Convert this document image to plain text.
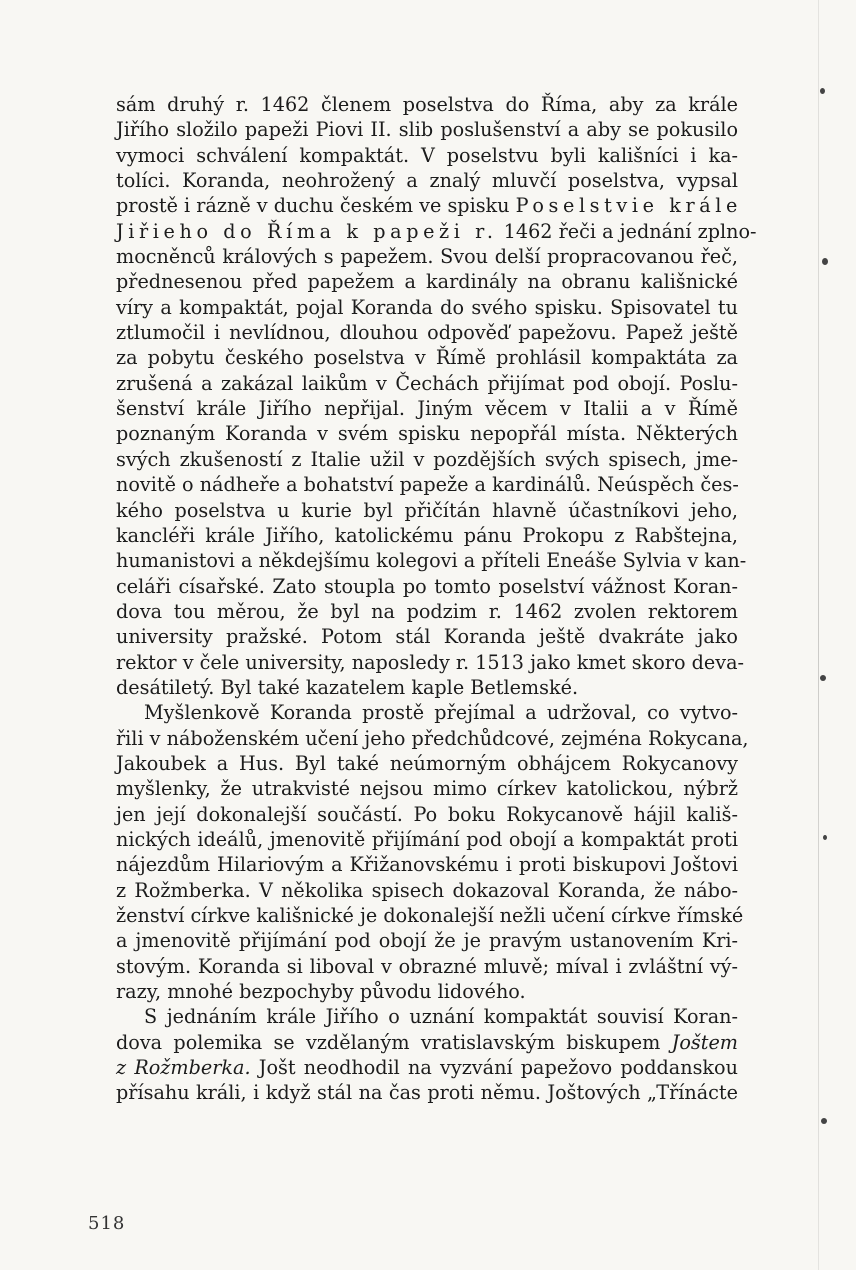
sám druhý r. 1462 členem poselstva do Říma, aby za krále
Jiřího složilo papeži Piovi II. slib poslušenství a aby se pokusilo
vymoci schválení kompaktát. V poselstvu byli kališníci i ka-
tolíci. Koranda, neohrožený a znalý mluvčí poselstva, vypsal
prostě i rázně v duchu českém ve spisku Poselstvie krále
Jiřieho do Říma k papeži r. 1462 řeči a jednání zplno-
mocněnců králových s papežem. Svou delší propracovanou řeč,
přednesenou před papežem a kardinály na obranu kališnické
víry a kompaktát, pojal Koranda do svého spisku. Spisovatel tu
ztlumočil i nevlídnou, dlouhou odpověď papežovu. Papež ještě
za pobytu českého poselstva v Římě prohlásil kompaktáta za
zrušená a zakázal laikům v Čechách přijímat pod obojí. Poslu-
šenství krále Jiřího nepřijal. Jiným věcem v Italii a v Římě
poznaným Koranda v svém spisku nepopřál místa. Některých
svých zkušeností z Italie užil v pozdějších svých spisech, jme-
novitě o nádheře a bohatství papeže a kardinálů. Neúspěch čes-
kého poselstva u kurie byl přičítán hlavně účastníkovi jeho,
kancléři krále Jiřího, katolickému pánu Prokopu z Rabštejna,
humanistovi a někdejšímu kolegovi a příteli Eneáše Sylvia v kan-
celáři císařské. Zato stoupla po tomto poselství vážnost Koran-
dova tou měrou, že byl na podzim r. 1462 zvolen rektorem
university pražské. Potom stál Koranda ještě dvakráte jako
rektor v čele university, naposledy r. 1513 jako kmet skoro deva-
desátiletý. Byl také kazatelem kaple Betlemské.
Myšlenkově Koranda prostě přejímal a udržoval, co vytvo-
řili v náboženském učení jeho předchůdcové, zejména Rokycana,
Jakoubek a Hus. Byl také neúmorným obhájcem Rokycanovy
myšlenky, že utrakvisté nejsou mimo církev katolickou, nýbrž
jen její dokonalejší součástí. Po boku Rokycanově hájil kališ-
nických ideálů, jmenovitě přijímání pod obojí a kompaktát proti
nájezdům Hilariovým a Křižanovskému i proti biskupovi Joštovi
z Rožmberka. V několika spisech dokazoval Koranda, že nábo-
ženství církve kališnické je dokonalejší nežli učení církve římské
a jmenovitě přijímání pod obojí že je pravým ustanovením Kri-
stovým. Koranda si liboval v obrazné mluvě; míval i zvláštní vý-
razy, mnohé bezpochyby původu lidového.
S jednáním krále Jiřího o uznání kompaktát souvisí Koran-
dova polemika se vzdělaným vratislavským biskupem Joštem
z Rožmberka. Jošt neodhodil na vyzvání papežovo poddanskou
přísahu králi, i když stál na čas proti němu. Joštových „Třínácte
518
